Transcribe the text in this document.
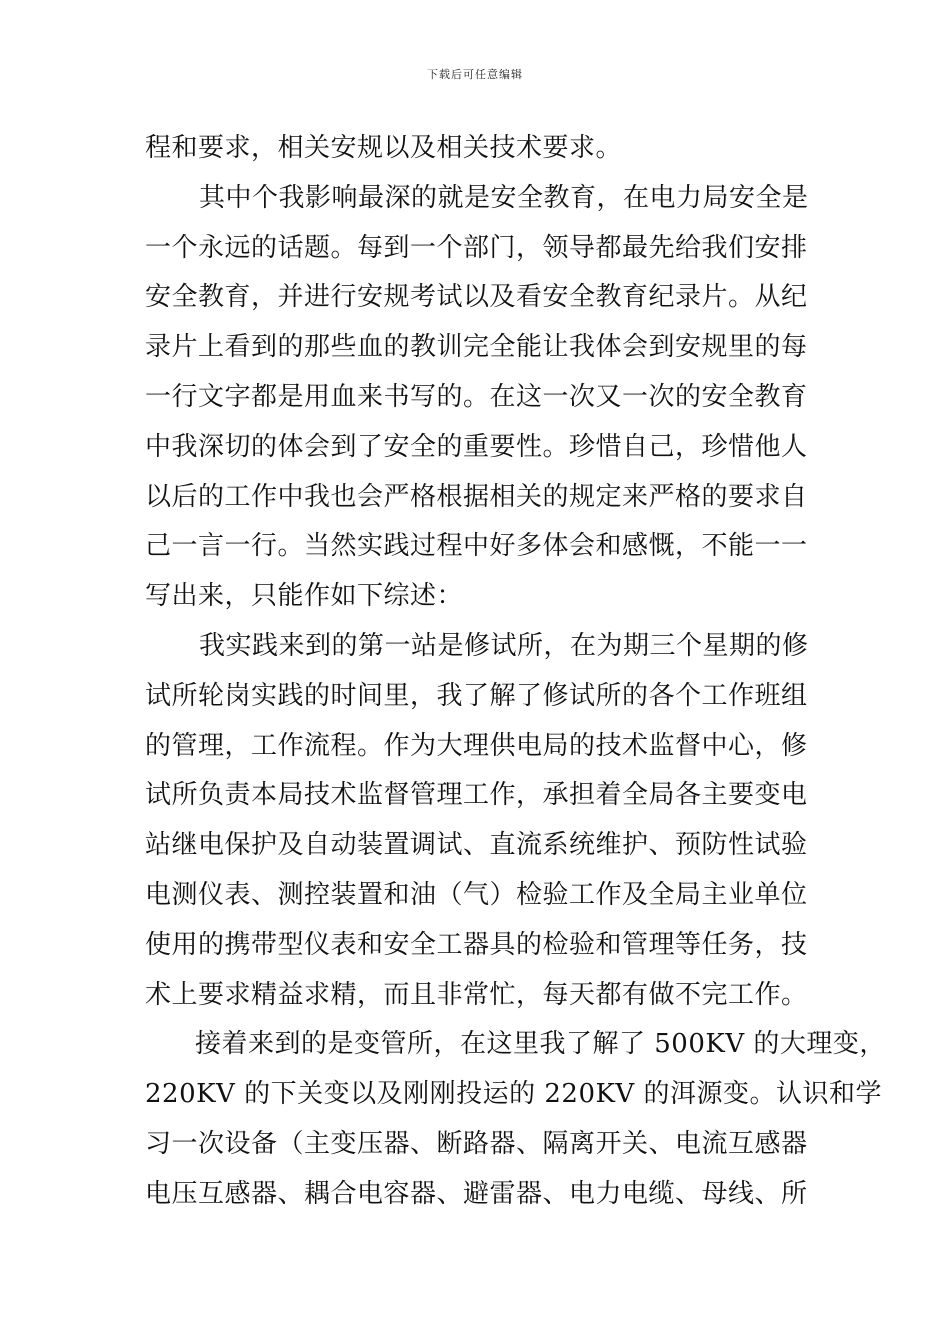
下载后可任意编辑
程和要求，相关安规以及相关技术要求。
其中个我影响最深的就是安全教育，在电力局安全是
一个永远的话题。每到一个部门，领导都最先给我们安排
安全教育，并进行安规考试以及看安全教育纪录片。从纪
录片上看到的那些血的教训完全能让我体会到安规里的每
一行文字都是用血来书写的。在这一次又一次的安全教育
中我深切的体会到了安全的重要性。珍惜自己，珍惜他人
以后的工作中我也会严格根据相关的规定来严格的要求自
己一言一行。当然实践过程中好多体会和感慨，不能一一
写出来，只能作如下综述：
我实践来到的第一站是修试所，在为期三个星期的修
试所轮岗实践的时间里，我了解了修试所的各个工作班组
的管理，工作流程。作为大理供电局的技术监督中心，修
试所负责本局技术监督管理工作，承担着全局各主要变电
站继电保护及自动装置调试、直流系统维护、预防性试验
电测仪表、测控装置和油（气）检验工作及全局主业单位
使用的携带型仪表和安全工器具的检验和管理等任务，技
术上要求精益求精，而且非常忙，每天都有做不完工作。
接着来到的是变管所，在这里我了解了 500KV 的大理变，
220KV 的下关变以及刚刚投运的 220KV 的洱源变。认识和学
习一次设备（主变压器、断路器、隔离开关、电流互感器
电压互感器、耦合电容器、避雷器、电力电缆、母线、所
